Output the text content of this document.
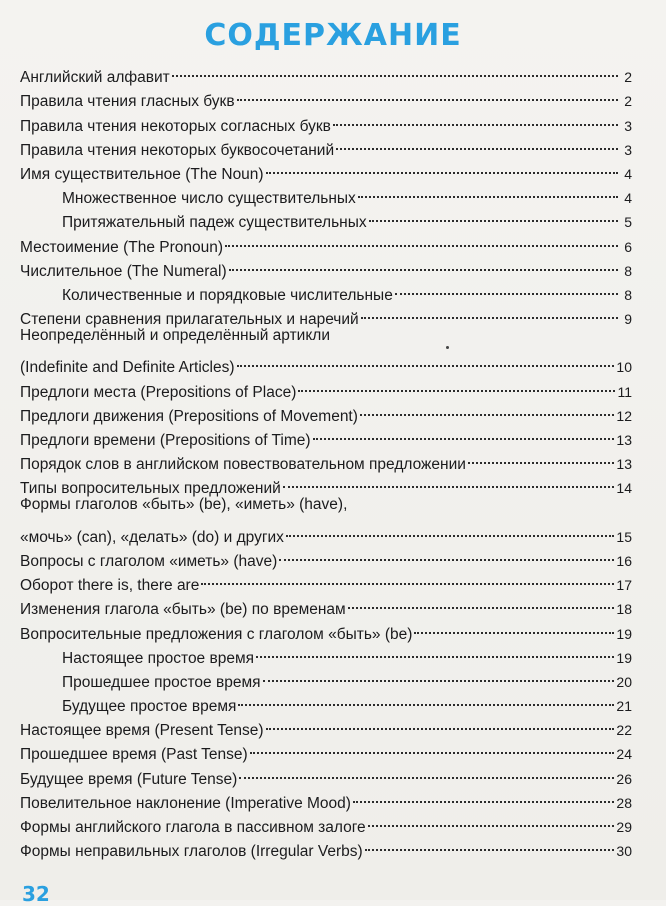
СОДЕРЖАНИЕ
Английский алфавит	2
Правила чтения гласных букв	2
Правила чтения некоторых согласных букв	3
Правила чтения некоторых буквосочетаний	3
Имя существительное (The Noun)	4
Множественное число существительных	4
Притяжательный падеж существительных	5
Местоимение (The Pronoun)	6
Числительное (The Numeral)	8
Количественные и порядковые числительные	8
Степени сравнения прилагательных и наречий	9
Неопределённый и определённый артикли
(Indefinite and Definite Articles)	10
Предлоги места (Prepositions of Place)	11
Предлоги движения (Prepositions of Movement)	12
Предлоги времени (Prepositions of Time)	13
Порядок слов в английском повествовательном предложении	13
Типы вопросительных предложений	14
Формы глаголов «быть» (be), «иметь» (have),
«мочь» (can), «делать» (do) и других	15
Вопросы с глаголом «иметь» (have)	16
Оборот there is, there are	17
Изменения глагола «быть» (be) по временам	18
Вопросительные предложения с глаголом «быть» (be)	19
Настоящее простое время	19
Прошедшее простое время	20
Будущее простое время	21
Настоящее время (Present Tense)	22
Прошедшее время (Past Tense)	24
Будущее время (Future Tense)	26
Повелительное наклонение (Imperative Mood)	28
Формы английского глагола в пассивном залоге	29
Формы неправильных глаголов (Irregular Verbs)	30
32
